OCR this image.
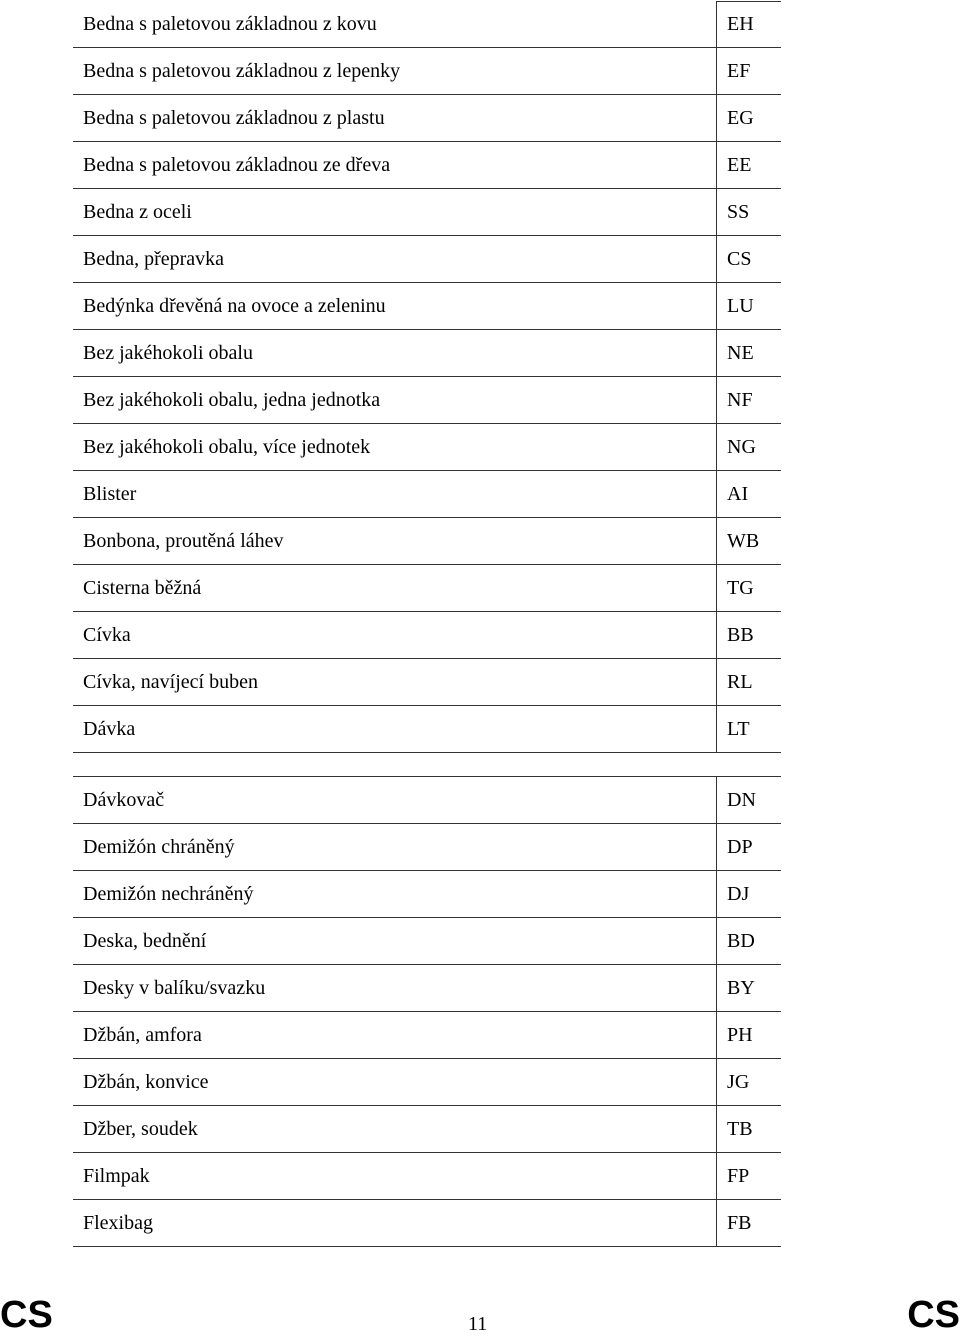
Bedna s paletovou základnou z kovu	EH
Bedna s paletovou základnou z lepenky	EF
Bedna s paletovou základnou z plastu	EG
Bedna s paletovou základnou ze dřeva	EE
Bedna z oceli	SS
Bedna, přepravka	CS
Bedýnka dřevěná na ovoce a zeleninu	LU
Bez jakéhokoli obalu	NE
Bez jakéhokoli obalu, jedna jednotka	NF
Bez jakéhokoli obalu, více jednotek	NG
Blister	AI
Bonbona, proutěná láhev	WB
Cisterna běžná	TG
Cívka	BB
Cívka, navíjecí buben	RL
Dávka	LT
Dávkovač	DN
Demižón chráněný	DP
Demižón nechráněný	DJ
Deska, bednění	BD
Desky v balíku/svazku	BY
Džbán, amfora	PH
Džbán, konvice	JG
Džber, soudek	TB
Filmpak	FP
Flexibag	FB
CS	11	CS
